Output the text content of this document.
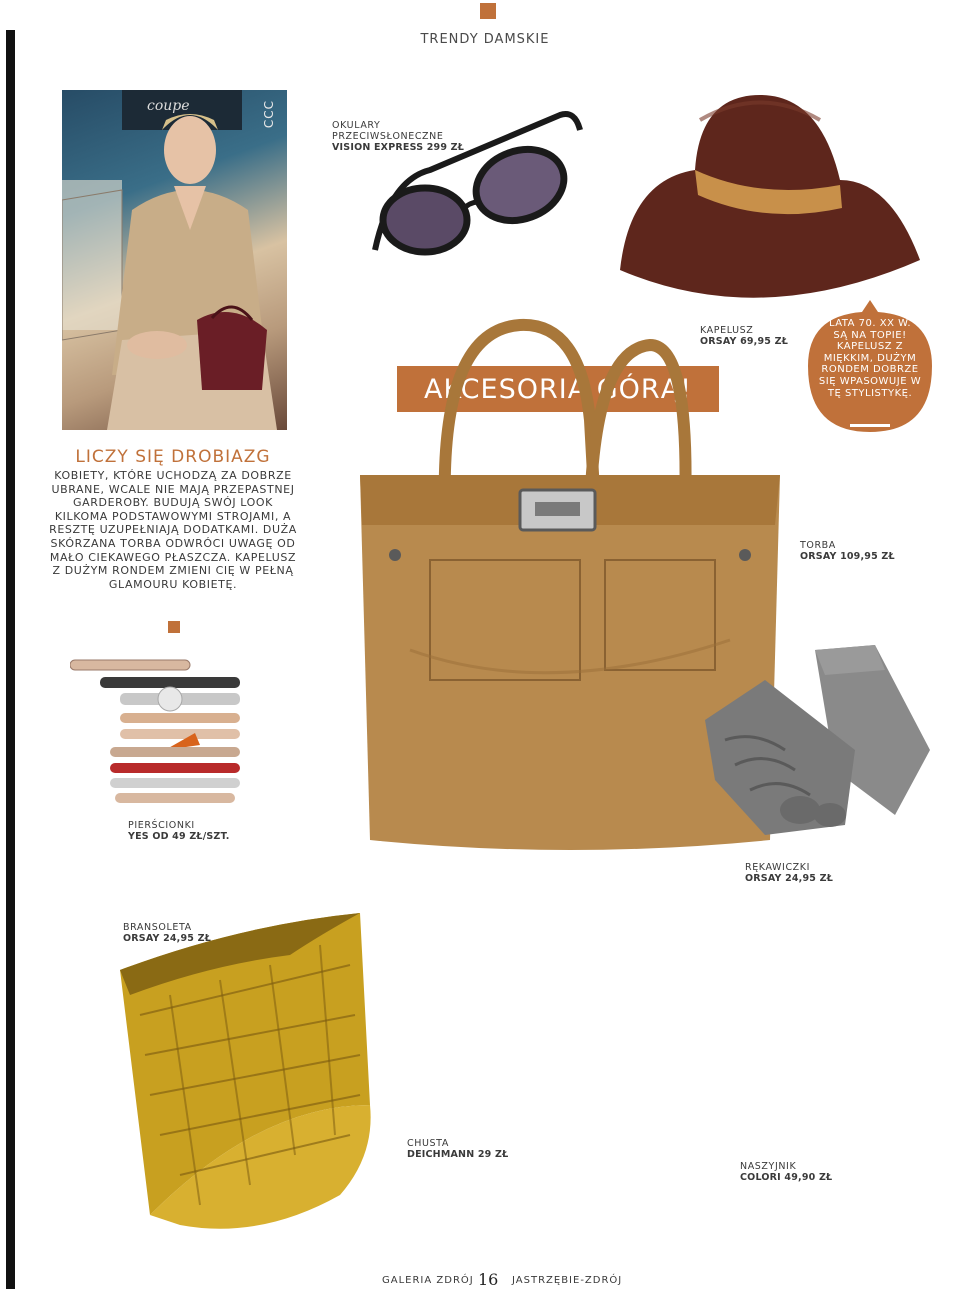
TRENDY DAMSKIE
coupe	CCC
LICZY SIĘ DROBIAZG
KOBIETY, KTÓRE UCHODZĄ ZA DOBRZE UBRANE, WCALE NIE MAJĄ PRZEPASTNEJ GARDEROBY. BUDUJĄ SWÓJ LOOK KILKOMA PODSTAWOWYMI STROJAMI, A RESZTĘ UZUPEŁNIAJĄ DODATKAMI. DUŻA SKÓRZANA TORBA ODWRÓCI UWAGĘ OD MAŁO CIEKAWEGO PŁASZCZA. KAPELUSZ Z DUŻYM RONDEM ZMIENI CIĘ W PEŁNĄ GLAMOURU KOBIETĘ.
OKULARY PRZECIWSŁONECZNE
VISION EXPRESS 299 ZŁ
KAPELUSZ
ORSAY 69,95 ZŁ
LATA 70. XX W.
SĄ NA TOPIE!
KAPELUSZ Z MIĘKKIM, DUŻYM RONDEM DOBRZE SIĘ WPASOWUJE W TĘ STYLISTYKĘ.
AKCESORIA GÓRĄ!
TORBA
ORSAY 109,95 ZŁ
PIERŚCIONKI
YES OD 49 ZŁ/SZT.
RĘKAWICZKI
ORSAY 24,95 ZŁ
BRANSOLETA
ORSAY 24,95 ZŁ
CHUSTA
DEICHMANN 29 ZŁ
NASZYJNIK
COLORI 49,90 ZŁ
GALERIA ZDRÓJ 16 JASTRZĘBIE-ZDRÓJ
